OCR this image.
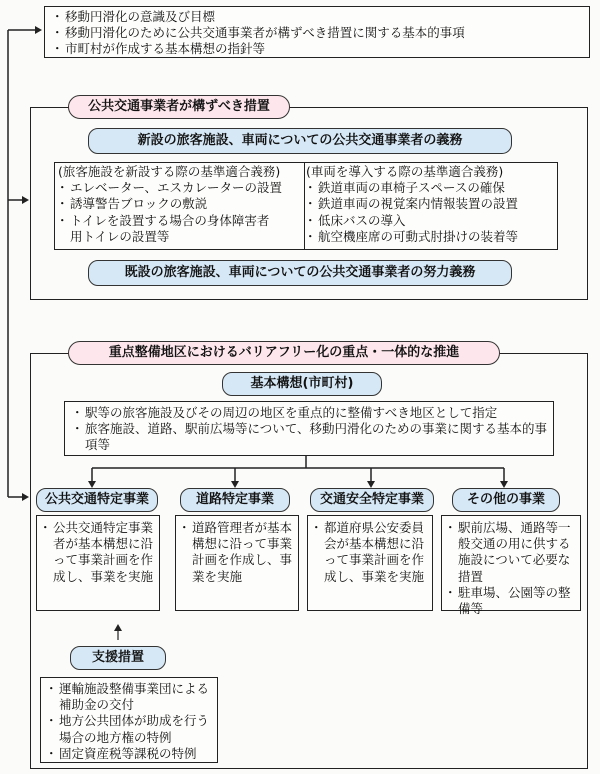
・ 移動円滑化の意識及び目標
・ 移動円滑化のために公共交通事業者が構ずべき措置に関する基本的事項
・ 市町村が作成する基本構想の指針等
公共交通事業者が構ずべき措置
新設の旅客施設、車両についての公共交通事業者の義務
(旅客施設を新設する際の基準適合義務)
・ エレベーター、エスカレーターの設置
・ 誘導警告ブロックの敷説
・ トイレを設置する場合の身体障害者用トイレの設置等
(車両を導入する際の基準適合義務)
・ 鉄道車両の車椅子スペースの確保
・ 鉄道車両の視覚案内情報装置の設置
・ 低床バスの導入
・ 航空機座席の可動式肘掛けの装着等
既設の旅客施設、車両についての公共交通事業者の努力義務
重点整備地区におけるバリアフリー化の重点・一体的な推進
基本構想(市町村)
・ 駅等の旅客施設及びその周辺の地区を重点的に整備すべき地区として指定
・ 旅客施設、道路、駅前広場等について、移動円滑化のための事業に関する基本的事項等
公共交通特定事業
・ 公共交通特定事業者が基本構想に沿って事業計画を作成し、事業を実施
道路特定事業
・ 道路管理者が基本構想に沿って事業計画を作成し、事業を実施
交通安全特定事業
・ 都道府県公安委員会が基本構想に沿って事業計画を作成し、事業を実施
その他の事業
・ 駅前広場、通路等一般交通の用に供する施設について必要な措置
・ 駐車場、公園等の整備等
支援措置
・ 運輸施設整備事業団による補助金の交付
・ 地方公共団体が助成を行う場合の地方権の特例
・ 固定資産税等課税の特例
